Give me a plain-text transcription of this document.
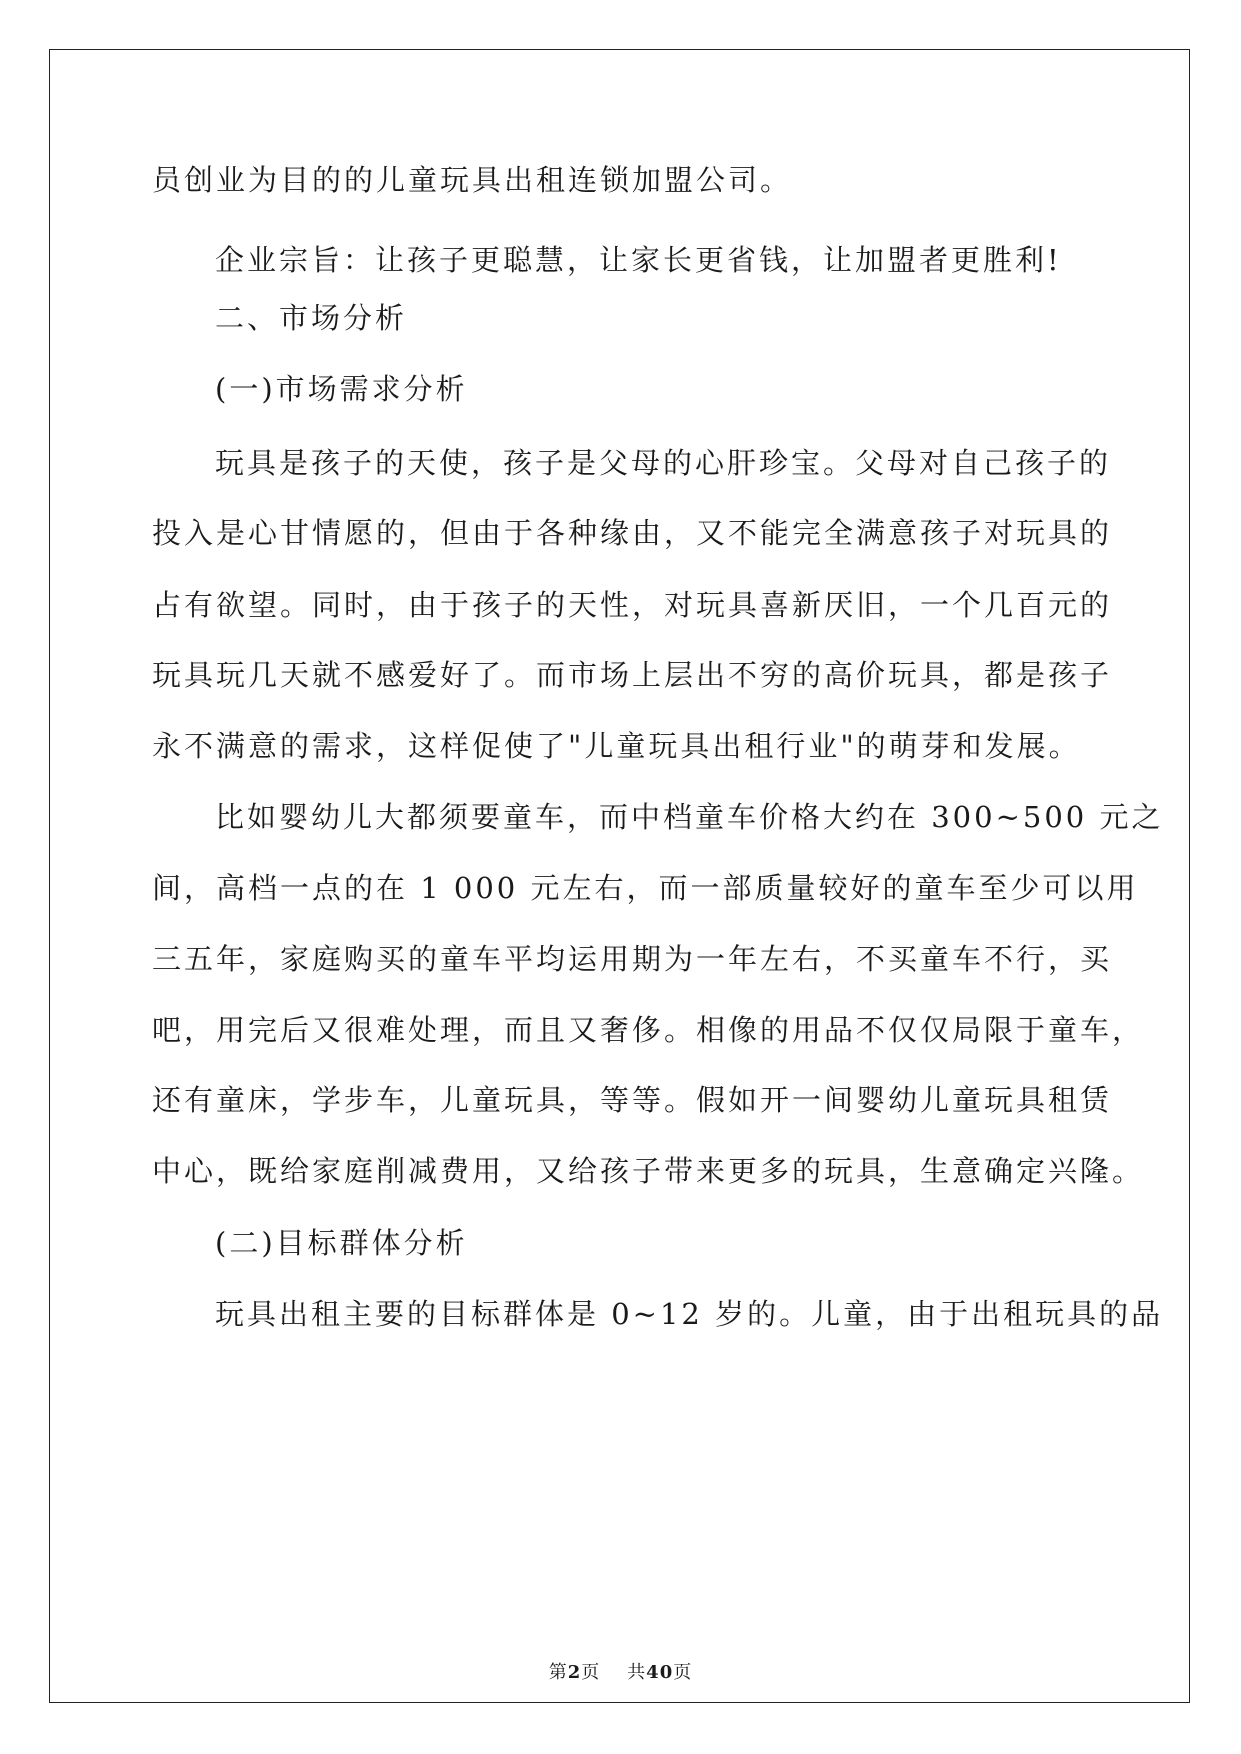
员创业为目的的儿童玩具出租连锁加盟公司。
企业宗旨：让孩子更聪慧，让家长更省钱，让加盟者更胜利!
二、市场分析
(一)市场需求分析
玩具是孩子的天使，孩子是父母的心肝珍宝。父母对自己孩子的
投入是心甘情愿的，但由于各种缘由，又不能完全满意孩子对玩具的
占有欲望。同时，由于孩子的天性，对玩具喜新厌旧，一个几百元的
玩具玩几天就不感爱好了。而市场上层出不穷的高价玩具，都是孩子
永不满意的需求，这样促使了"儿童玩具出租行业"的萌芽和发展。
比如婴幼儿大都须要童车，而中档童车价格大约在 300~500 元之
间，高档一点的在 1 000 元左右，而一部质量较好的童车至少可以用
三五年，家庭购买的童车平均运用期为一年左右，不买童车不行，买
吧，用完后又很难处理，而且又奢侈。相像的用品不仅仅局限于童车，
还有童床，学步车，儿童玩具，等等。假如开一间婴幼儿童玩具租赁
中心，既给家庭削减费用，又给孩子带来更多的玩具，生意确定兴隆。
(二)目标群体分析
玩具出租主要的目标群体是 0~12 岁的。儿童，由于出租玩具的品
第2页 共40页
